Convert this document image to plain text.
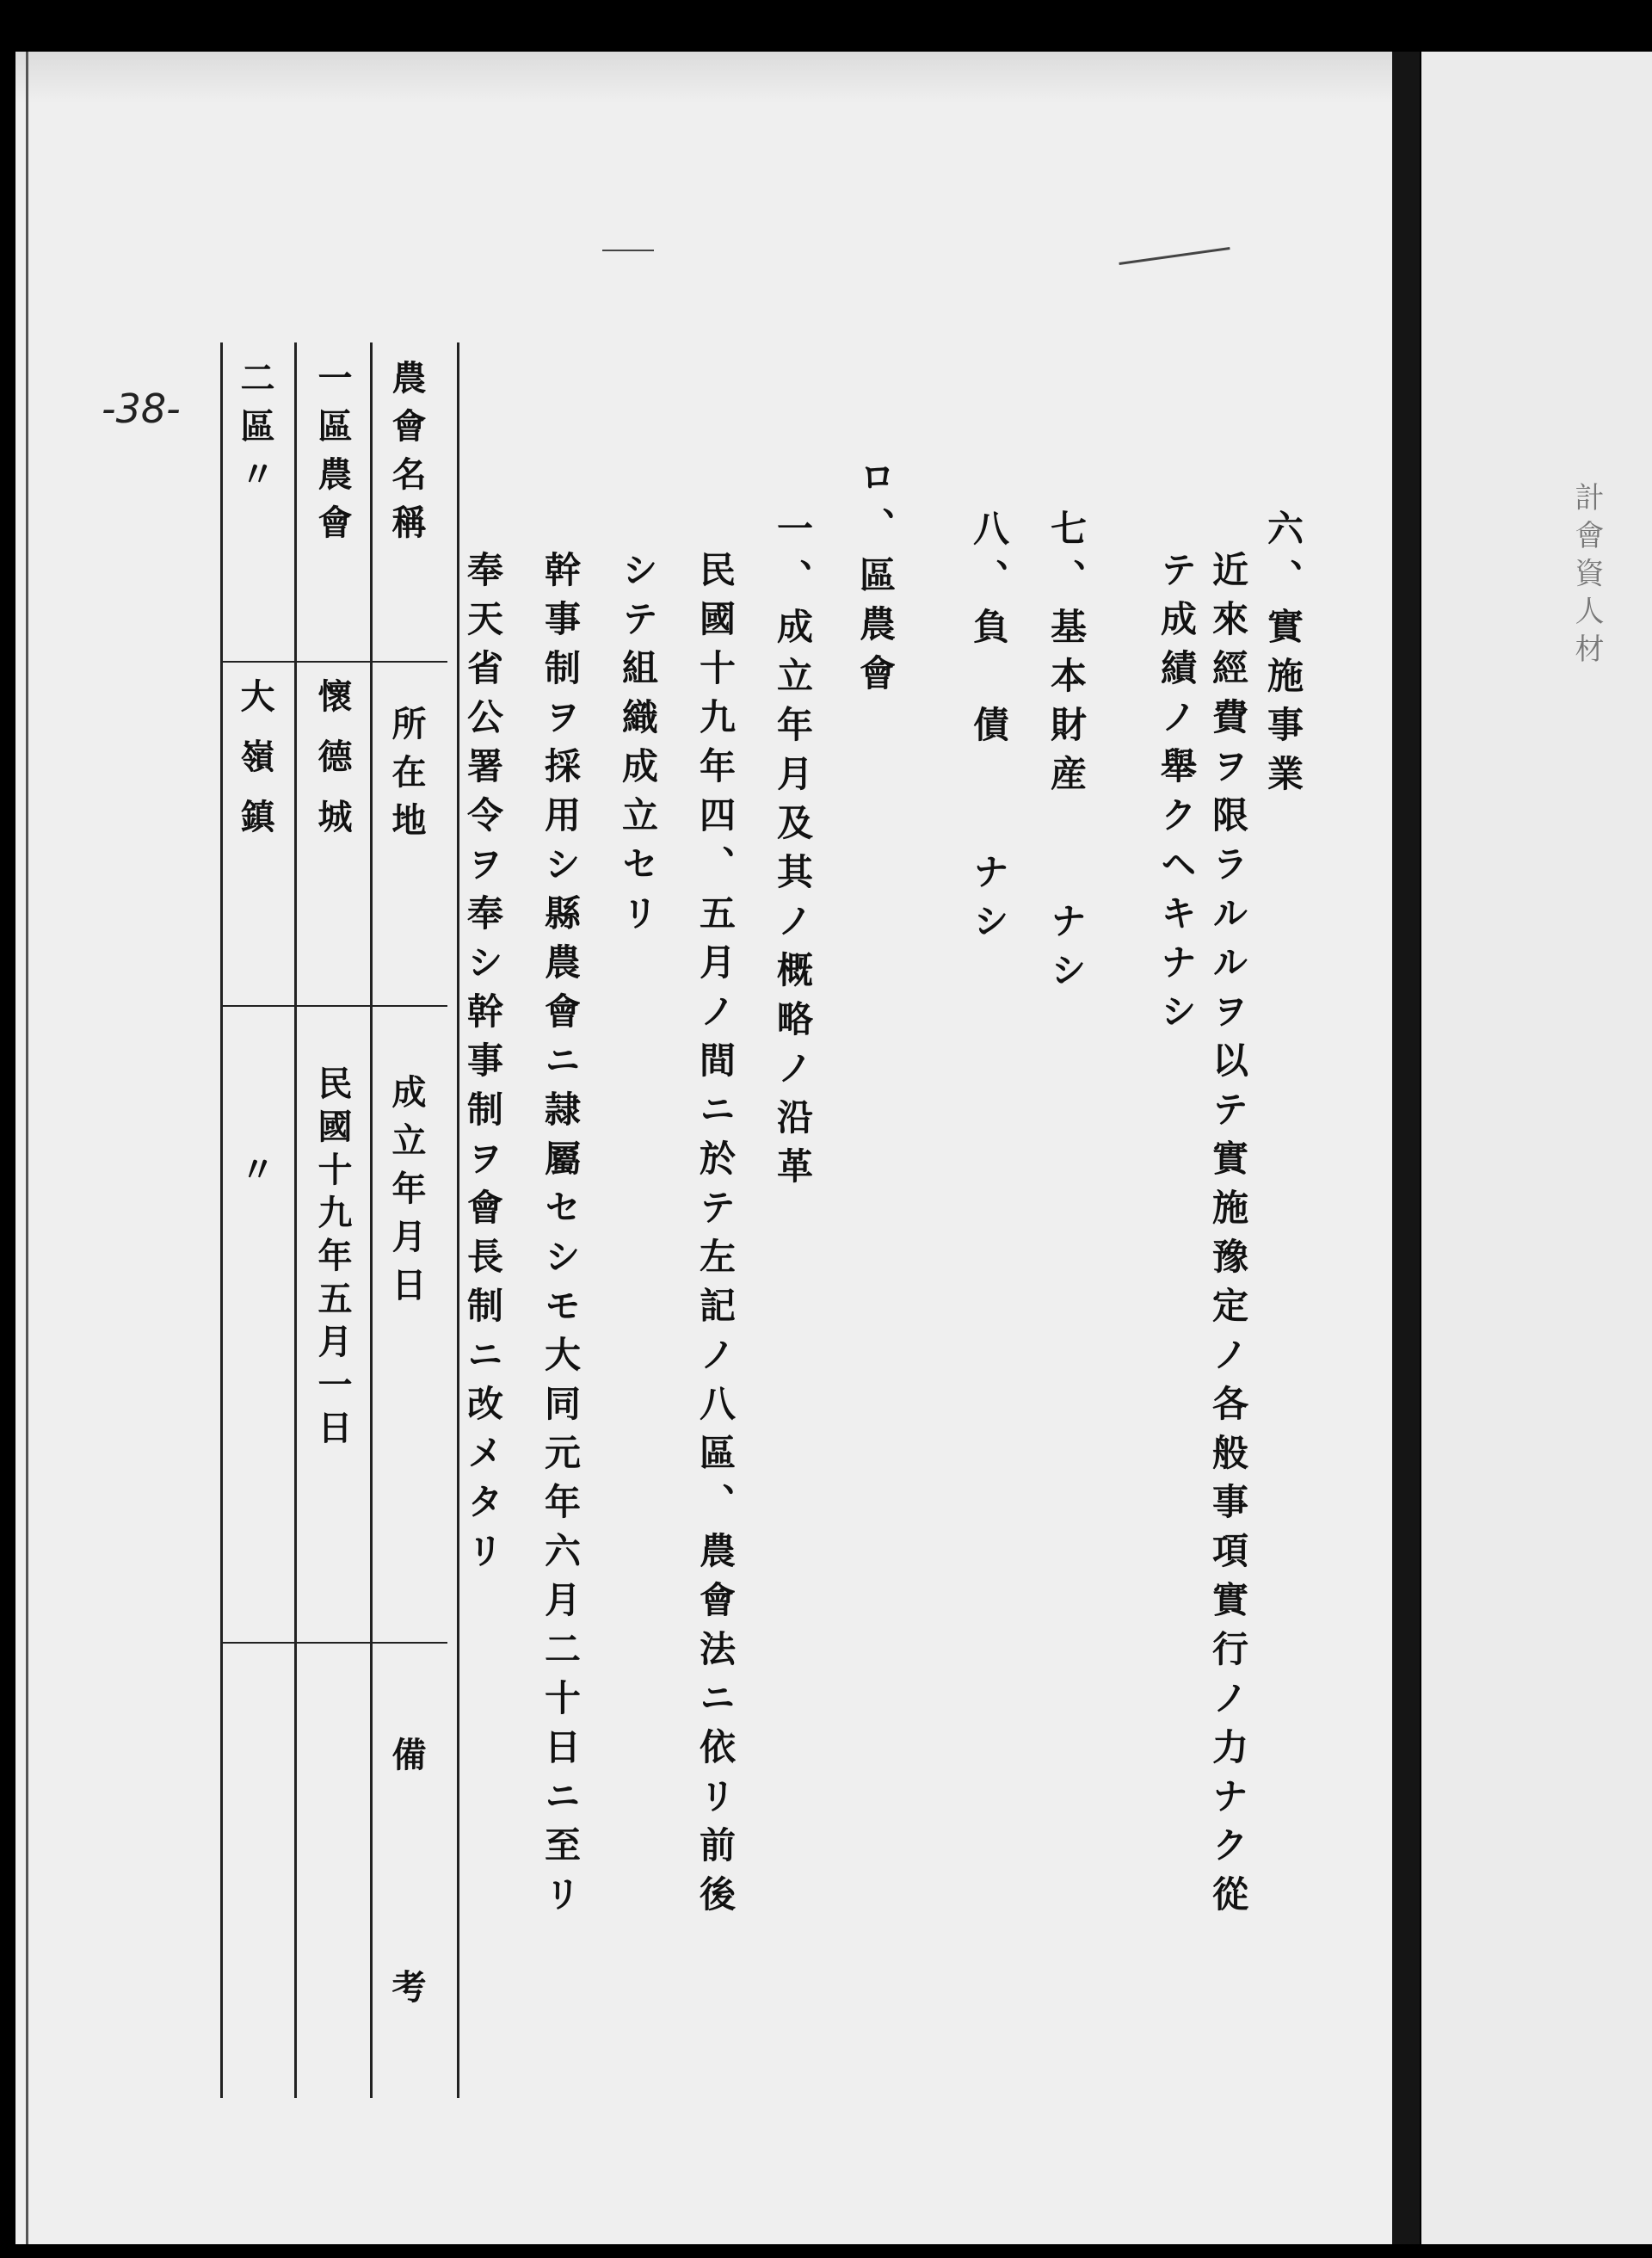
計會資人材
-38-
六、實施事業
近來經費ヲ限ラルルヲ以テ實施豫定ノ各般事項實行ノ力ナク從
テ成績ノ舉クヘキナシ
七、基本財産　　ナシ
八、負　債　　ナシ
ロ、區農會
一、成立年月及其ノ概略ノ沿革
民國十九年四、五月ノ間ニ於テ左記ノ八區、農會法ニ依リ前後
シテ組織成立セリ
幹事制ヲ採用シ縣農會ニ隷屬セシモ大同元年六月二十日ニ至リ
奉天省公署令ヲ奉シ幹事制ヲ會長制ニ改メタリ
農會名稱
所在地
成立年月日
備考
一區農會
懷德城
民國十九年五月一日
二區〃
大嶺鎮
〃
